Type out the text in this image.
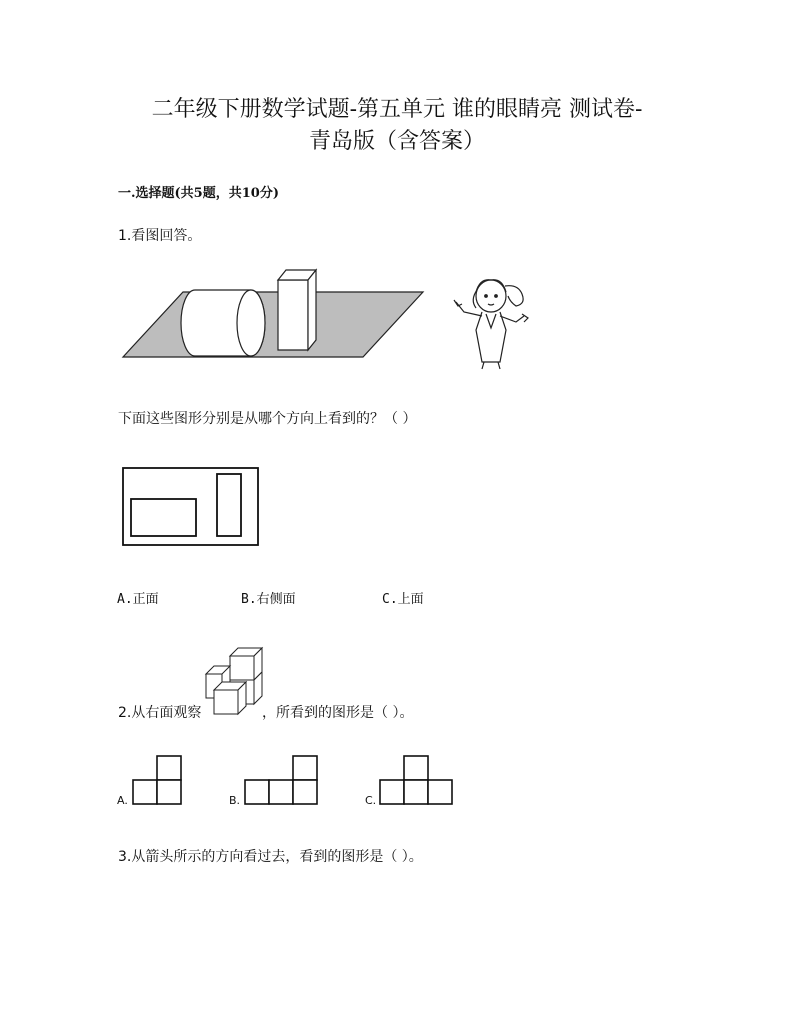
二年级下册数学试题-第五单元 谁的眼睛亮 测试卷-
青岛版（含答案）
一.选择题(共5题，共10分)
1.看图回答。
下面这些图形分别是从哪个方向上看到的？（ ）
A.正面	B.右侧面	C.上面
2.从右面观察	，所看到的图形是（ ）。
A.	B.	C.
3.从箭头所示的方向看过去，看到的图形是（ ）。
